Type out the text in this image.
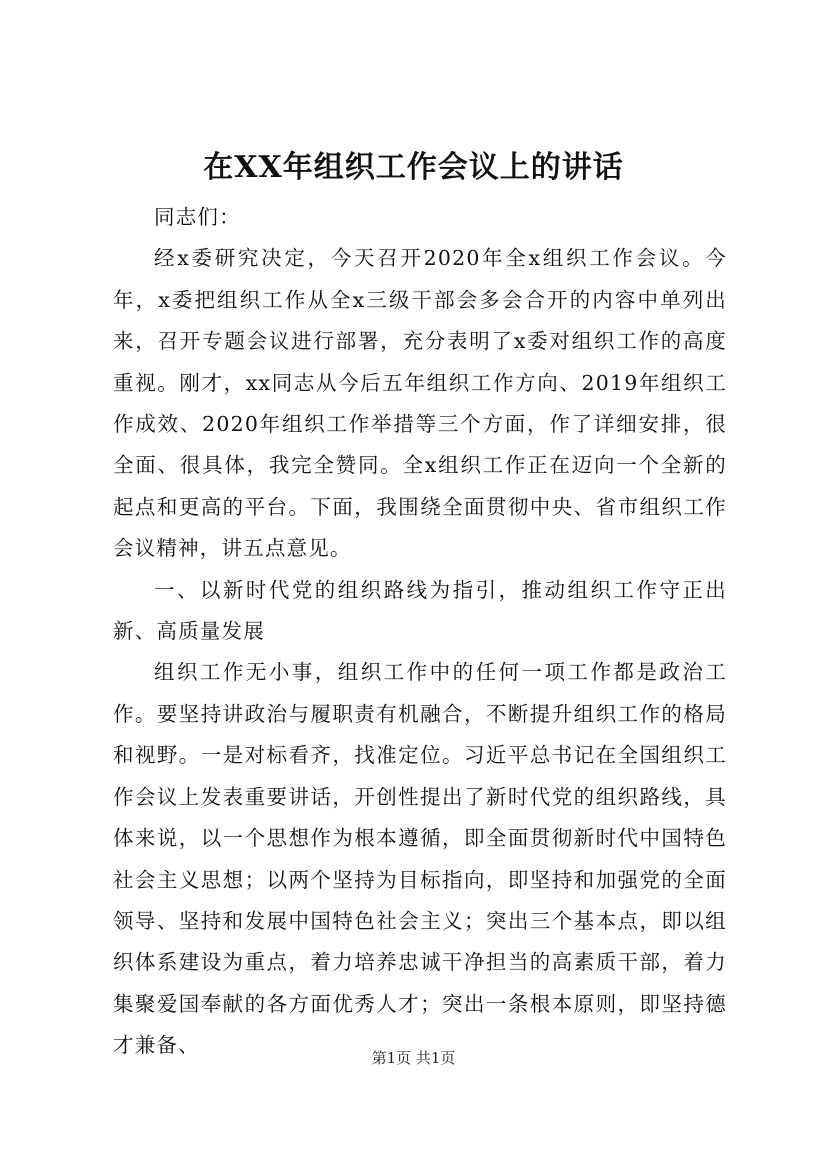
在XX年组织工作会议上的讲话

同志们：

经x委研究决定，今天召开2020年全x组织工作会议。今年，x委把组织工作从全x三级干部会多会合开的内容中单列出来，召开专题会议进行部署，充分表明了x委对组织工作的高度重视。刚才，xx同志从今后五年组织工作方向、2019年组织工作成效、2020年组织工作举措等三个方面，作了详细安排，很全面、很具体，我完全赞同。全x组织工作正在迈向一个全新的起点和更高的平台。下面，我围绕全面贯彻中央、省市组织工作会议精神，讲五点意见。

一、以新时代党的组织路线为指引，推动组织工作守正出新、高质量发展

组织工作无小事，组织工作中的任何一项工作都是政治工作。要坚持讲政治与履职责有机融合，不断提升组织工作的格局和视野。一是对标看齐，找准定位。习近平总书记在全国组织工作会议上发表重要讲话，开创性提出了新时代党的组织路线，具体来说，以一个思想作为根本遵循，即全面贯彻新时代中国特色社会主义思想；以两个坚持为目标指向，即坚持和加强党的全面领导、坚持和发展中国特色社会主义；突出三个基本点，即以组织体系建设为重点，着力培养忠诚干净担当的高素质干部，着力集聚爱国奉献的各方面优秀人才；突出一条根本原则，即坚持德才兼备、

第1页 共1页
